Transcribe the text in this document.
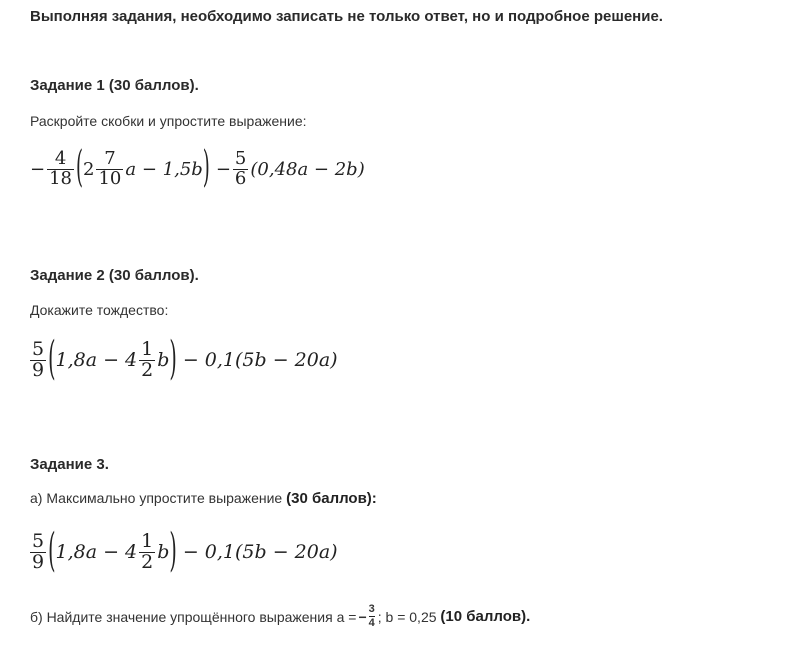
Выполняя задания, необходимо записать не только ответ, но и подробное решение.
Задание 1 (30 баллов).
Раскройте скобки и упростите выражение:
− $\frac{4}{18}$ ( $2 \frac{7}{10}$ a − 1,5b ) − $\frac{5}{6} (0,48a - 2b)$
Задание 2 (30 баллов).
Докажите тождество:
$\frac{5}{9}$ ( $1,8a - 4 \frac{1}{2}$ b ) − 0,1(5b − 20a)
Задание 3.
а) Максимально упростите выражение (30 баллов):
$\frac{5}{9}$ ( $1,8a - 4 \frac{1}{2}$ b ) − 0,1(5b − 20a)
б) Найдите значение упрощённого выражения a = − 3
4 ; b = 0,25 (10 баллов).
